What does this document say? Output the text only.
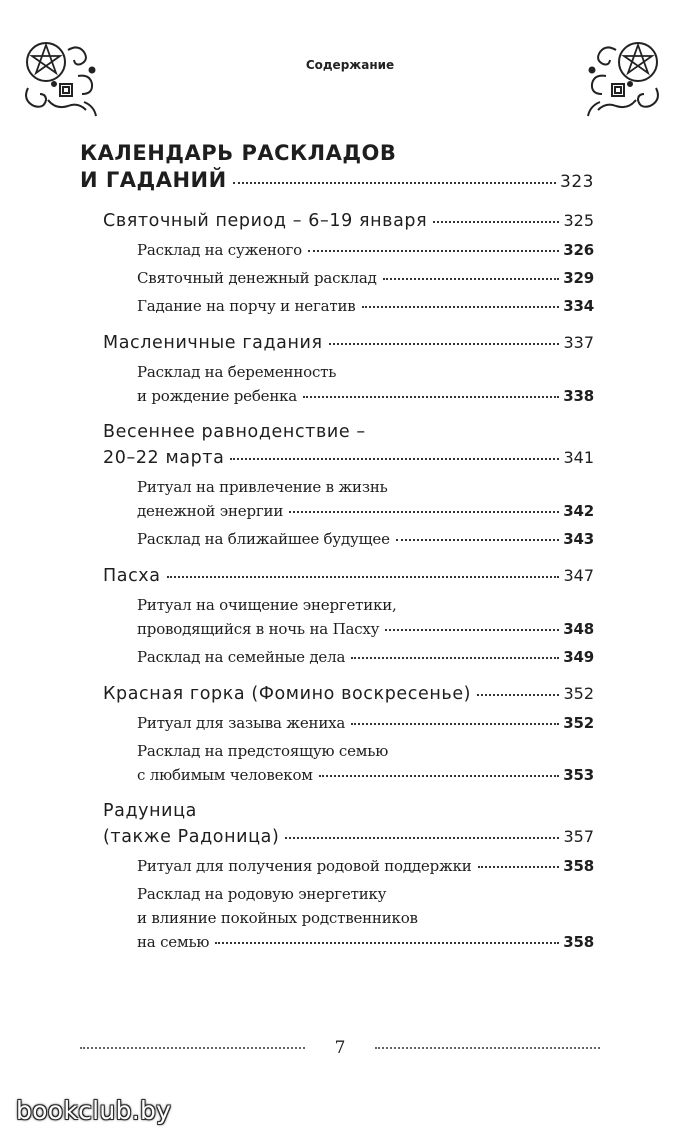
Содержание
КАЛЕНДАРЬ РАСКЛАДОВ
И ГАДАНИЙ	323
Святочный период – 6–19 января	325
Расклад на суженого	326
Святочный денежный расклад	329
Гадание на порчу и негатив	334
Масленичные гадания	337
Расклад на беременность
и рождение ребенка	338
Весеннее равноденствие –
20–22 марта	341
Ритуал на привлечение в жизнь
денежной энергии	342
Расклад на ближайшее будущее	343
Пасха	347
Ритуал на очищение энергетики,
проводящийся в ночь на Пасху	348
Расклад на семейные дела	349
Красная горка (Фомино воскресенье)	352
Ритуал для зазыва жениха	352
Расклад на предстоящую семью
с любимым человеком	353
Радуница
(также Радоница)	357
Ритуал для получения родовой поддержки	358
Расклад на родовую энергетику
и влияние покойных родственников
на семью	358
7
bookclub.by
